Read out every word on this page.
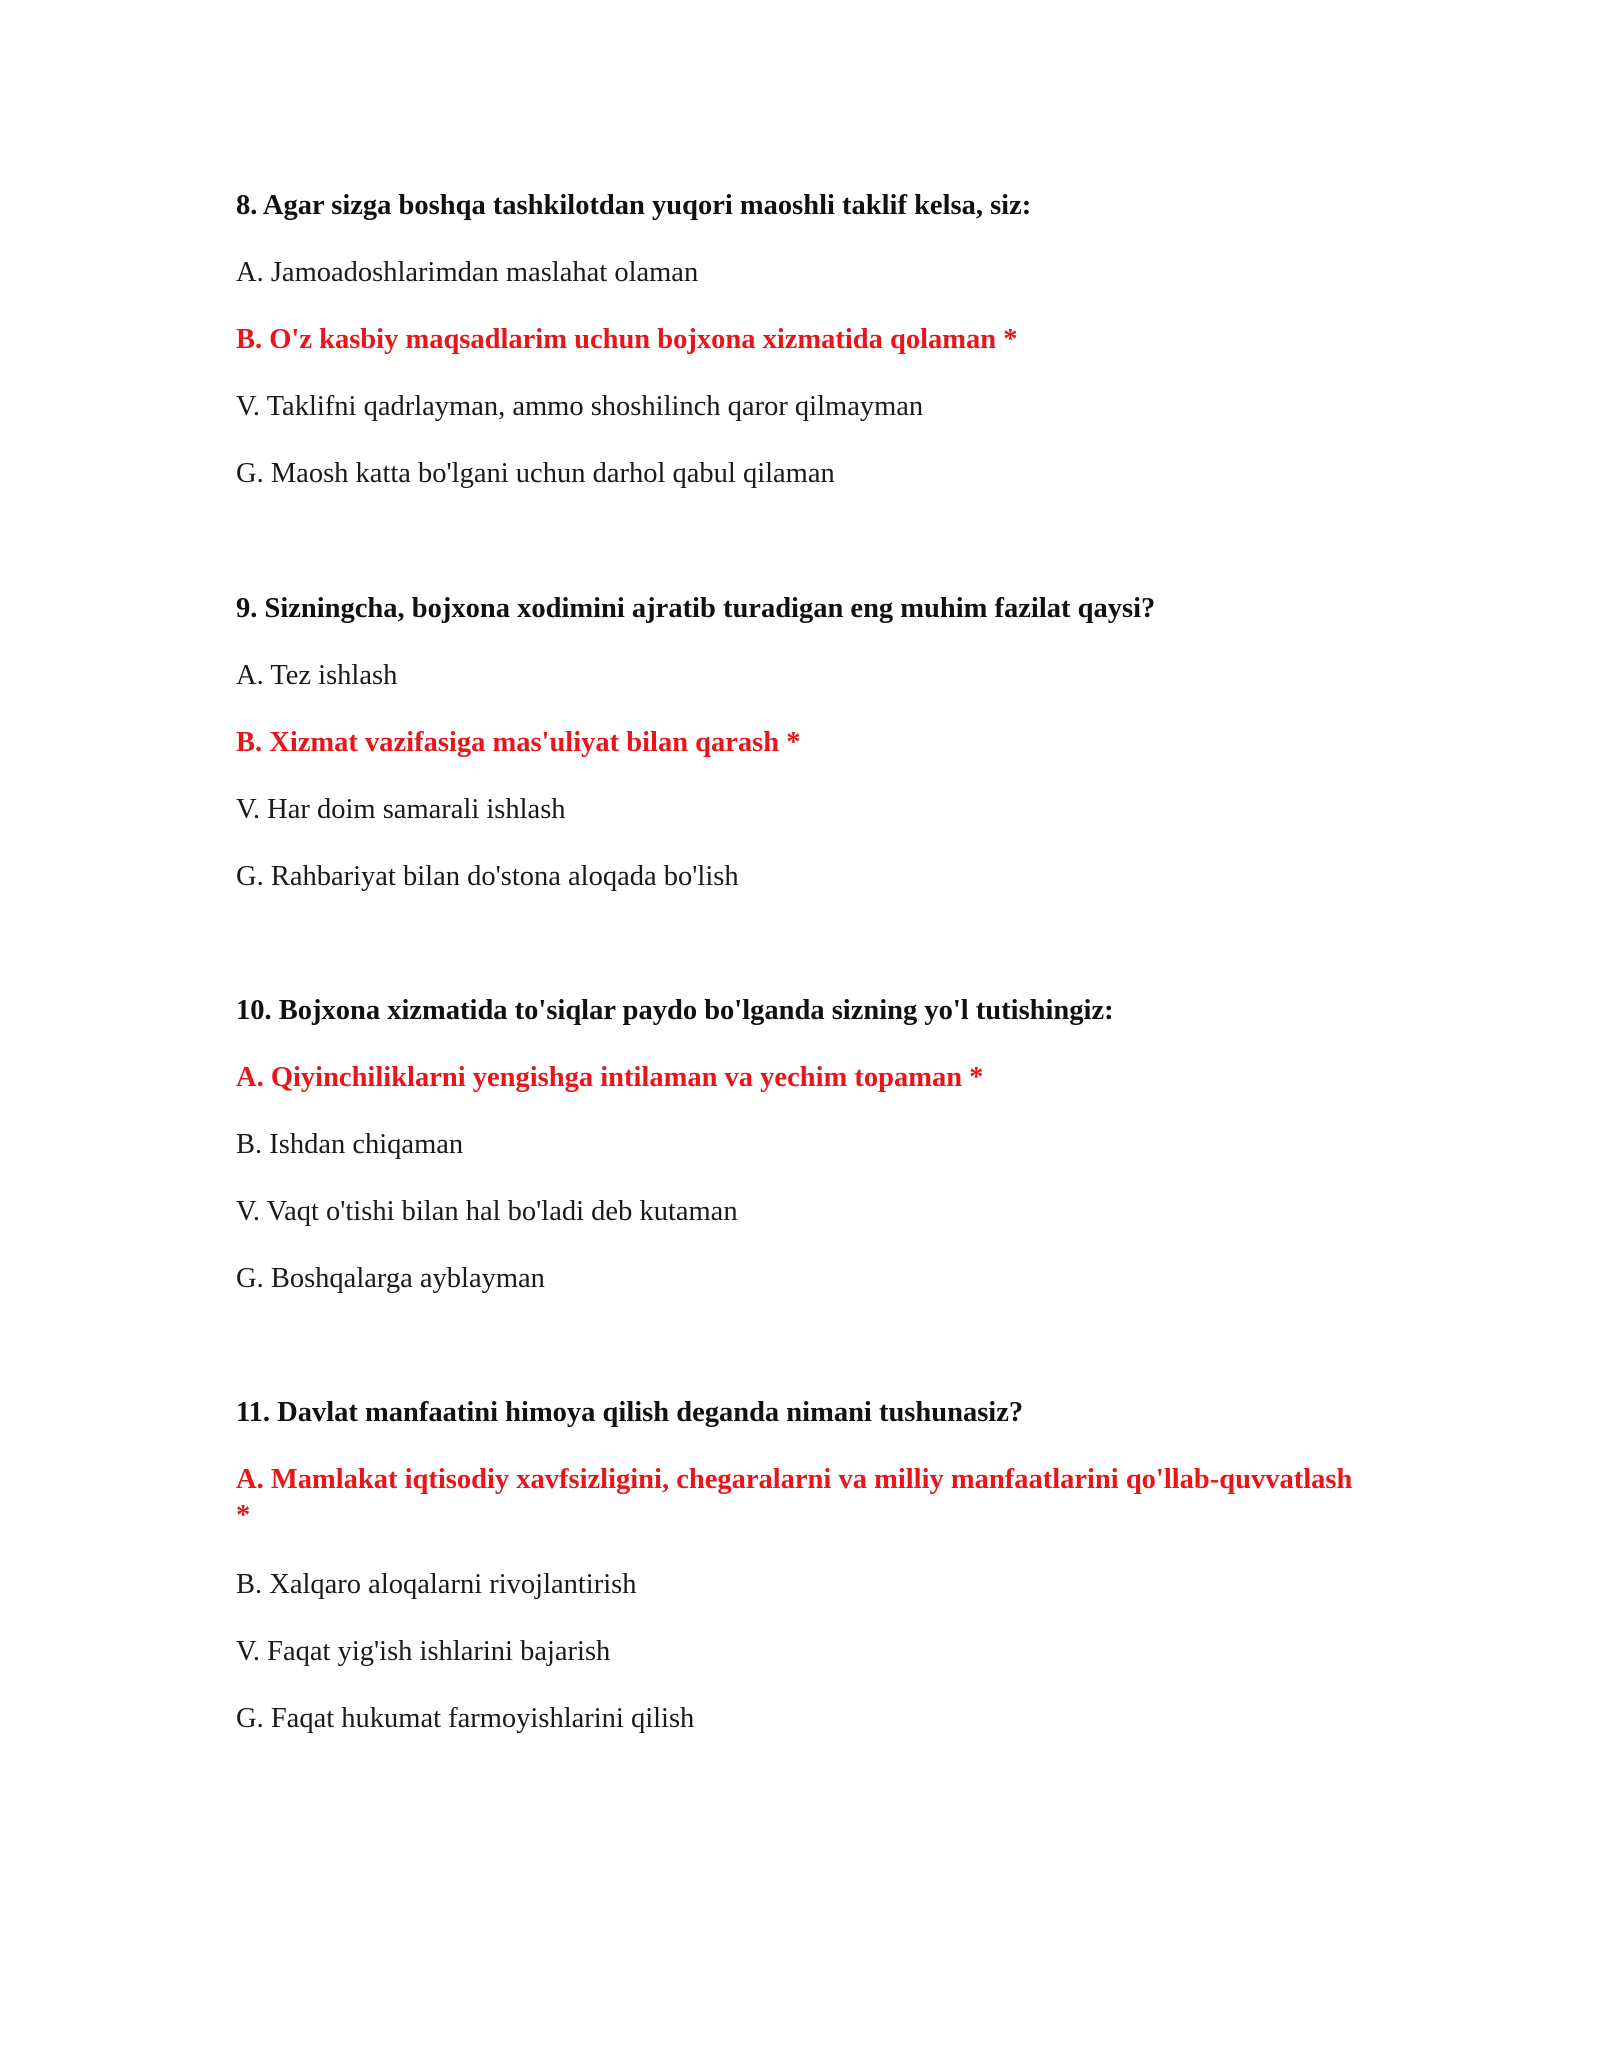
8. Agar sizga boshqa tashkilotdan yuqori maoshli taklif kelsa, siz:

A. Jamoadoshlarimdan maslahat olaman

B. O'z kasbiy maqsadlarim uchun bojxona xizmatida qolaman *

V. Taklifni qadrlayman, ammo shoshilinch qaror qilmayman

G. Maosh katta bo'lgani uchun darhol qabul qilaman

9. Sizningcha, bojxona xodimini ajratib turadigan eng muhim fazilat qaysi?

A. Tez ishlash

B. Xizmat vazifasiga mas'uliyat bilan qarash *

V. Har doim samarali ishlash

G. Rahbariyat bilan do'stona aloqada bo'lish

10. Bojxona xizmatida to'siqlar paydo bo'lganda sizning yo'l tutishingiz:

A. Qiyinchiliklarni yengishga intilaman va yechim topaman *

B. Ishdan chiqaman

V. Vaqt o'tishi bilan hal bo'ladi deb kutaman

G. Boshqalarga ayblayman

11. Davlat manfaatini himoya qilish deganda nimani tushunasiz?

A. Mamlakat iqtisodiy xavfsizligini, chegaralarni va milliy manfaatlarini qo'llab-quvvatlash *

B. Xalqaro aloqalarni rivojlantirish

V. Faqat yig'ish ishlarini bajarish

G. Faqat hukumat farmoyishlarini qilish
